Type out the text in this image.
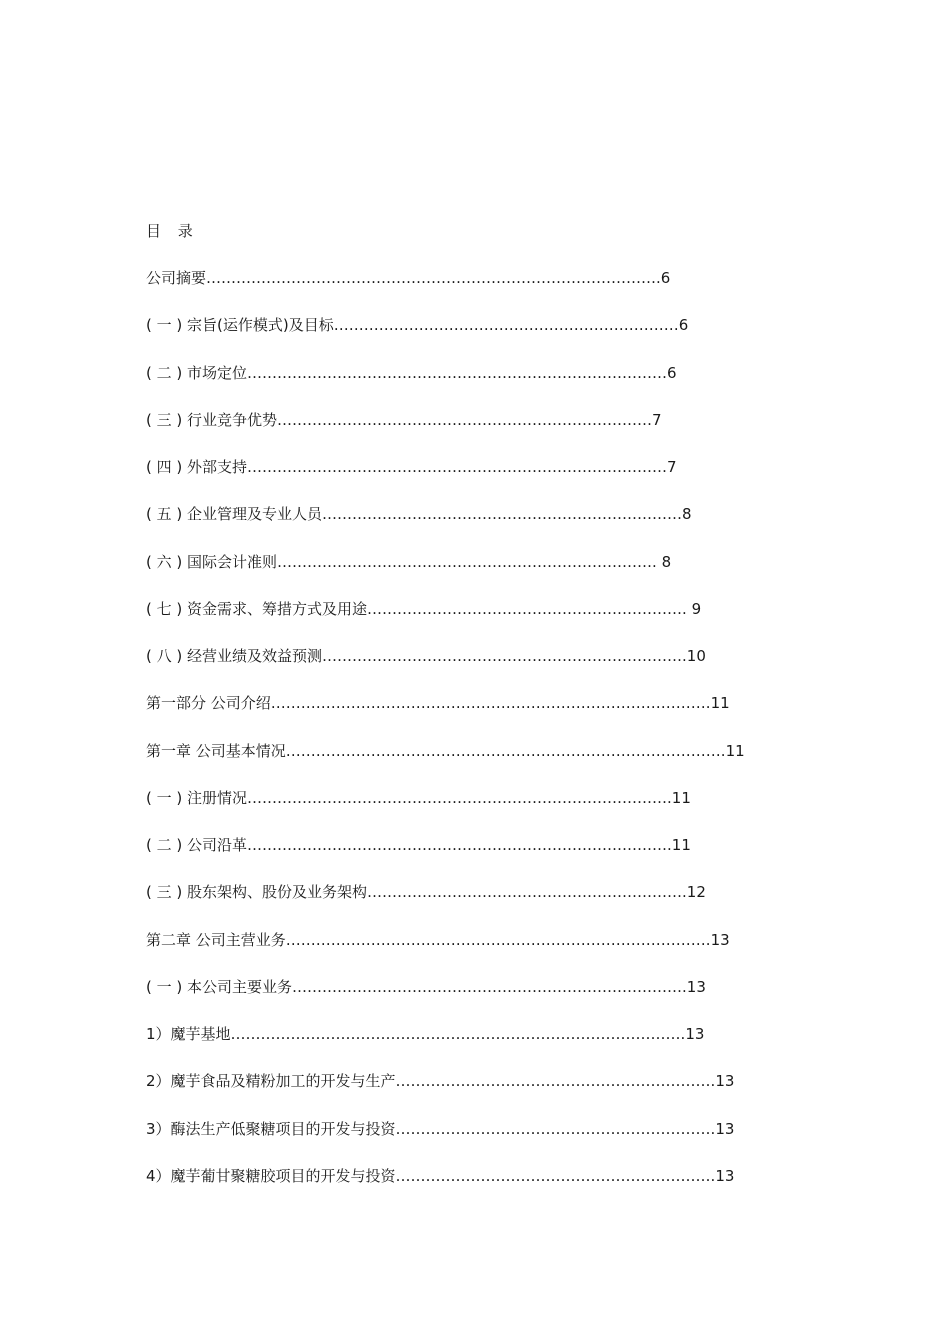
目 录
公司摘要……………………………………………………………………………….6
( 一 ) 宗旨(运作模式)及目标……………………………………………………………6
( 二 ) 市场定位…………………………………………………………………………6
( 三 ) 行业竞争优势…………………………………………………………………7
( 四 ) 外部支持…………………………………………………………………………7
( 五 ) 企业管理及专业人员………………………………………………………………8
( 六 ) 国际会计准则…………………………………………………………………. 8
( 七 ) 资金需求、筹措方式及用途………………………………………………………. 9
( 八 ) 经营业绩及效益预测……………………………………………………………….10
第一部分 公司介绍…………………………………………………………………………….11
第一章 公司基本情况…………………………………………………………………………….11
( 一 ) 注册情况………………………………………………………………………….11
( 二 ) 公司沿革………………………………………………………………………….11
( 三 ) 股东架构、股份及业务架构……………………………………………………….12
第二章 公司主营业务………………………………………………………………………….13
( 一 ) 本公司主要业务…………………………………………………………………….13
1）魔芋基地……………………………………………………………………………….13
2）魔芋食品及精粉加工的开发与生产……………………………………………………….13
3）酶法生产低聚糖项目的开发与投资……………………………………………………….13
4）魔芋葡甘聚糖胶项目的开发与投资……………………………………………………….13
